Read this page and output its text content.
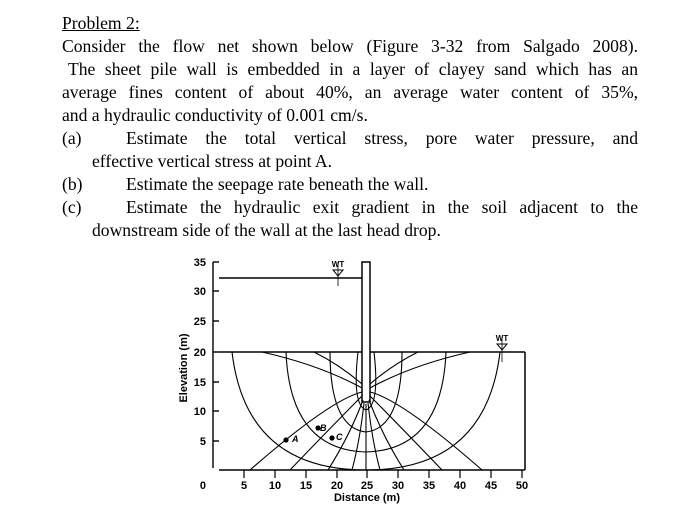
Problem 2:
Consider the flow net shown below (Figure 3-32 from Salgado 2008).
The sheet pile wall is embedded in a layer of clayey sand which has an
average fines content of about 40%, an average water content of 35%,
and a hydraulic conductivity of 0.001 cm/s.
(a)	Estimate the total vertical stress, pore water pressure, and
effective vertical stress at point A.
(b)	Estimate the seepage rate beneath the wall.
(c)	Estimate the hydraulic exit gradient in the soil adjacent to the
downstream side of the wall at the last head drop.
35
30
25
20
15
10
5
0
Elevation (m)
5 10 15 20 25 30 35 40 45 50
Distance (m)
WT
WT
A
B
C
